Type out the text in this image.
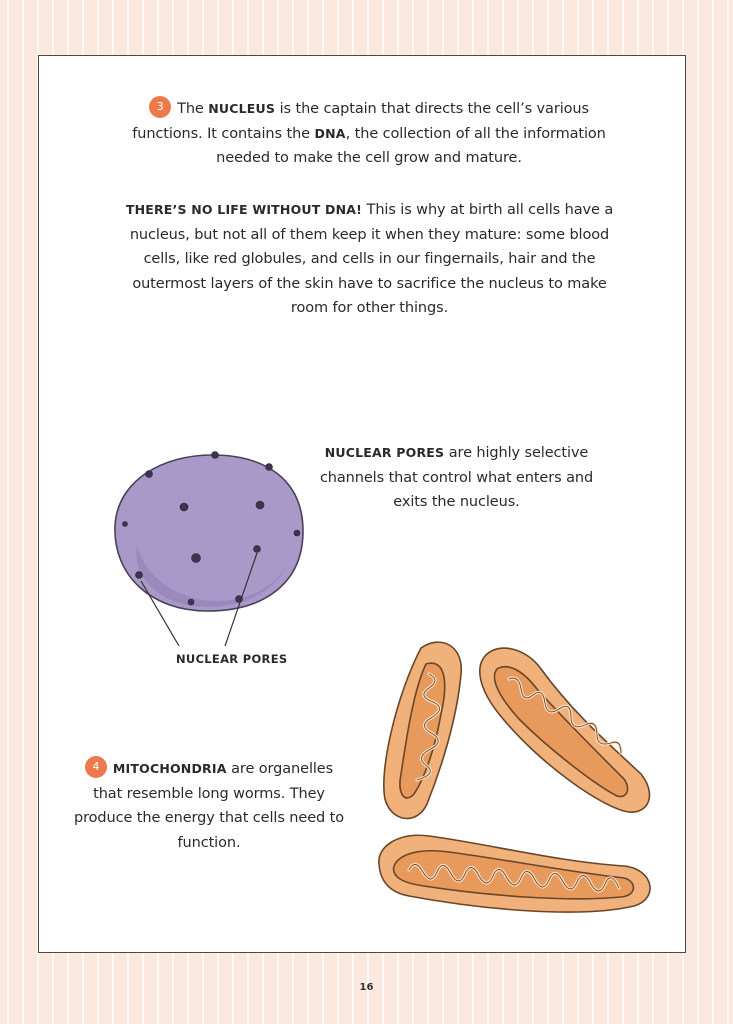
3 The NUCLEUS is the captain that directs the cell’s various functions. It contains the DNA, the collection of all the information needed to make the cell grow and mature.
THERE’S NO LIFE WITHOUT DNA! This is why at birth all cells have a nucleus, but not all of them keep it when they mature: some blood cells, like red globules, and cells in our fingernails, hair and the outermost layers of the skin have to sacrifice the nucleus to make room for other things.
NUCLEAR PORES are highly selective channels that control what enters and exits the nucleus.
NUCLEAR PORES
4 MITOCHONDRIA are organelles that resemble long worms. They produce the energy that cells need to function.
16
